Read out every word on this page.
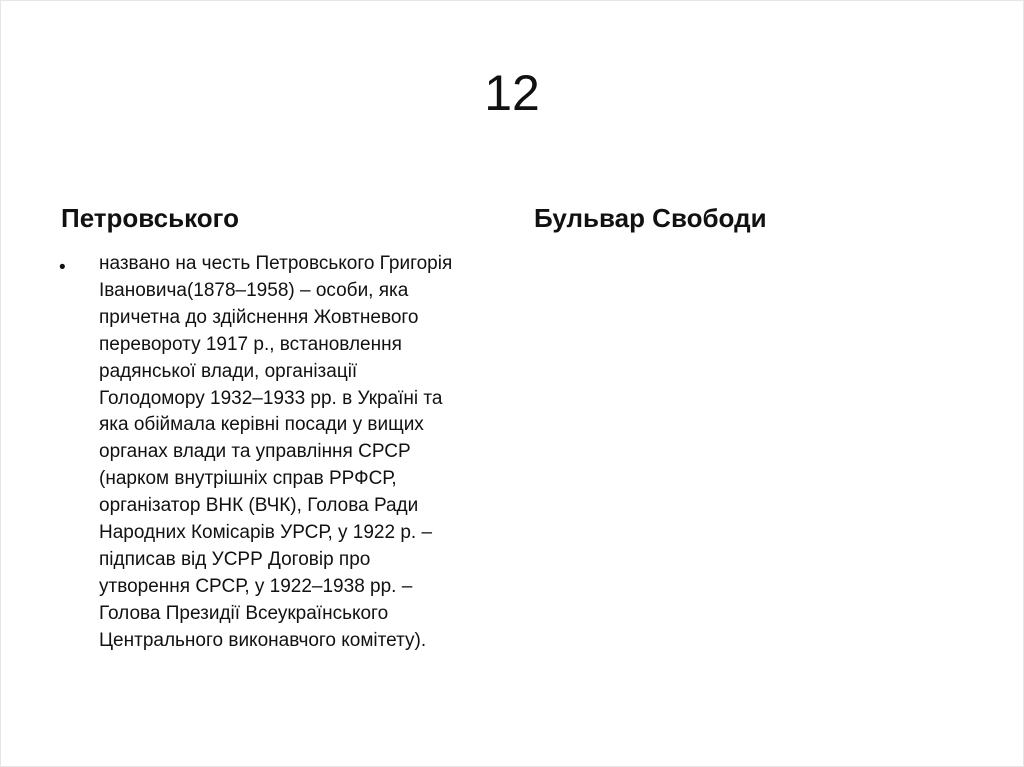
12
Петровського	Бульвар Свободи
• названо на честь Петровського Григорія
Івановича(1878–1958) – особи, яка
причетна до здійснення Жовтневого
перевороту 1917 р., встановлення
радянської влади, організації
Голодомору 1932–1933 рр. в Україні та
яка обіймала керівні посади у вищих
органах влади та управління СРСР
(нарком внутрішніх справ РРФСР,
організатор ВНК (ВЧК), Голова Ради
Народних Комісарів УРСР, у 1922 р. –
підписав від УСРР Договір про
утворення СРСР, у 1922–1938 рр. –
Голова Президії Всеукраїнського
Центрального виконавчого комітету).
